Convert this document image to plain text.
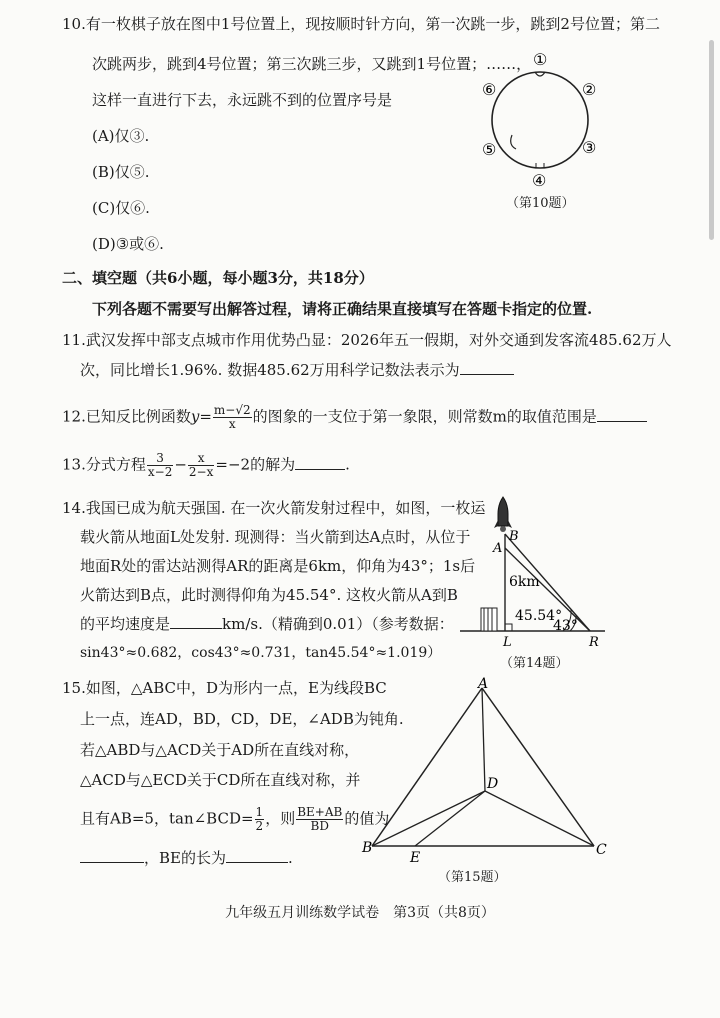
10.有一枚棋子放在图中1号位置上，现按顺时针方向，第一次跳一步，跳到2号位置；第二
次跳两步，跳到4号位置；第三次跳三步，又跳到1号位置；……，
这样一直进行下去，永远跳不到的位置序号是
(A)仅③.
(B)仅⑤.
(C)仅⑥.
(D)③或⑥.
①
②
③
④
⑤
⑥
（第10题）
二、填空题（共6小题，每小题3分，共18分）
下列各题不需要写出解答过程，请将正确结果直接填写在答题卡指定的位置.
11.武汉发挥中部支点城市作用优势凸显：2026年五一假期，对外交通到发客流485.62万人
次，同比增长1.96%. 数据485.62万用科学记数法表示为
12.已知反比例函数$y= \frac{m-√2}{x}$ 的图象的一支位于第一象限，则常数m的取值范围是
13.分式方程 $\frac{3}{x-2} - \frac{x}{2-x} =-2$的解为	.
14.我国已成为航天强国. 在一次火箭发射过程中，如图，一枚运
载火箭从地面L处发射. 现测得：当火箭到达A点时，从位于
地面R处的雷达站测得AR的距离是6km，仰角为43°；1s后
火箭达到B点，此时测得仰角为45.54°. 这枚火箭从A到B
的平均速度是	km/s.（精确到0.01）（参考数据：
sin43°≈0.682，cos43°≈0.731，tan45.54°≈1.019）
B
A
L	R
6km
45.54°
43°
（第14题）
15.如图，△ABC中，D为形内一点，E为线段BC
上一点，连AD，BD，CD，DE，∠ADB为钝角.
若△ABD与△ACD关于AD所在直线对称，
△ACD与△ECD关于CD所在直线对称，并
且有AB=5，tan∠BCD= $\frac{1}{2}$ ，则 $\frac{BE+AB}{BD}$ 的值为
，BE的长为	.
A
B	C
D
E
（第15题）
九年级五月训练数学试卷　第3页（共8页）
